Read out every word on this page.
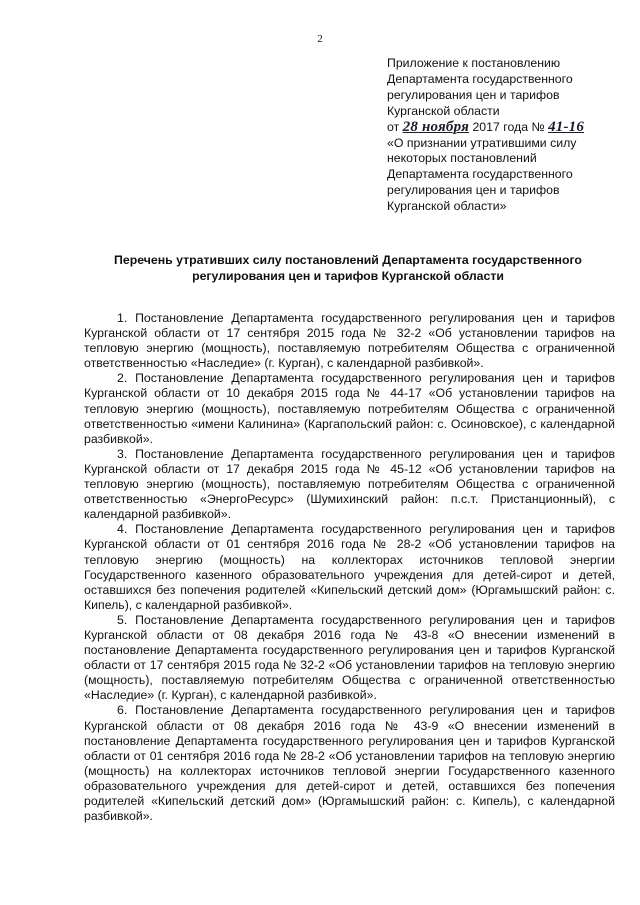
2
Приложение к постановлению
Департамента государственного
регулирования цен и тарифов
Курганской области
от 28 ноября 2017 года № 41-16
«О признании утратившими силу
некоторых постановлений
Департамента государственного
регулирования цен и тарифов
Курганской области»
Перечень утративших силу постановлений Департамента государственного
регулирования цен и тарифов Курганской области

1. Постановление Департамента государственного регулирования цен и тарифов Курганской области от 17 сентября 2015 года № 32-2 «Об установлении тарифов на тепловую энергию (мощность), поставляемую потребителям Общества с ограниченной ответственностью «Наследие» (г. Курган), с календарной разбивкой».

2. Постановление Департамента государственного регулирования цен и тарифов Курганской области от 10 декабря 2015 года № 44-17 «Об установлении тарифов на тепловую энергию (мощность), поставляемую потребителям Общества с ограниченной ответственностью «имени Калинина» (Каргапольский район: с. Осиновское), с календарной разбивкой».

3. Постановление Департамента государственного регулирования цен и тарифов Курганской области от 17 декабря 2015 года № 45-12 «Об установлении тарифов на тепловую энергию (мощность), поставляемую потребителям Общества с ограниченной ответственностью «ЭнергоРесурс» (Шумихинский район: п.с.т. Пристанционный), с календарной разбивкой».

4. Постановление Департамента государственного регулирования цен и тарифов Курганской области от 01 сентября 2016 года № 28-2 «Об установлении тарифов на тепловую энергию (мощность) на коллекторах источников тепловой энергии Государственного казенного образовательного учреждения для детей-сирот и детей, оставшихся без попечения родителей «Кипельский детский дом» (Юргамышский район: с. Кипель), с календарной разбивкой».

5. Постановление Департамента государственного регулирования цен и тарифов Курганской области от 08 декабря 2016 года № 43-8 «О внесении изменений в постановление Департамента государственного регулирования цен и тарифов Курганской области от 17 сентября 2015 года № 32-2 «Об установлении тарифов на тепловую энергию (мощность), поставляемую потребителям Общества с ограниченной ответственностью «Наследие» (г. Курган), с календарной разбивкой».

6. Постановление Департамента государственного регулирования цен и тарифов Курганской области от 08 декабря 2016 года № 43-9 «О внесении изменений в постановление Департамента государственного регулирования цен и тарифов Курганской области от 01 сентября 2016 года № 28-2 «Об установлении тарифов на тепловую энергию (мощность) на коллекторах источников тепловой энергии Государственного казенного образовательного учреждения для детей-сирот и детей, оставшихся без попечения родителей «Кипельский детский дом» (Юргамышский район: с. Кипель), с календарной разбивкой».
